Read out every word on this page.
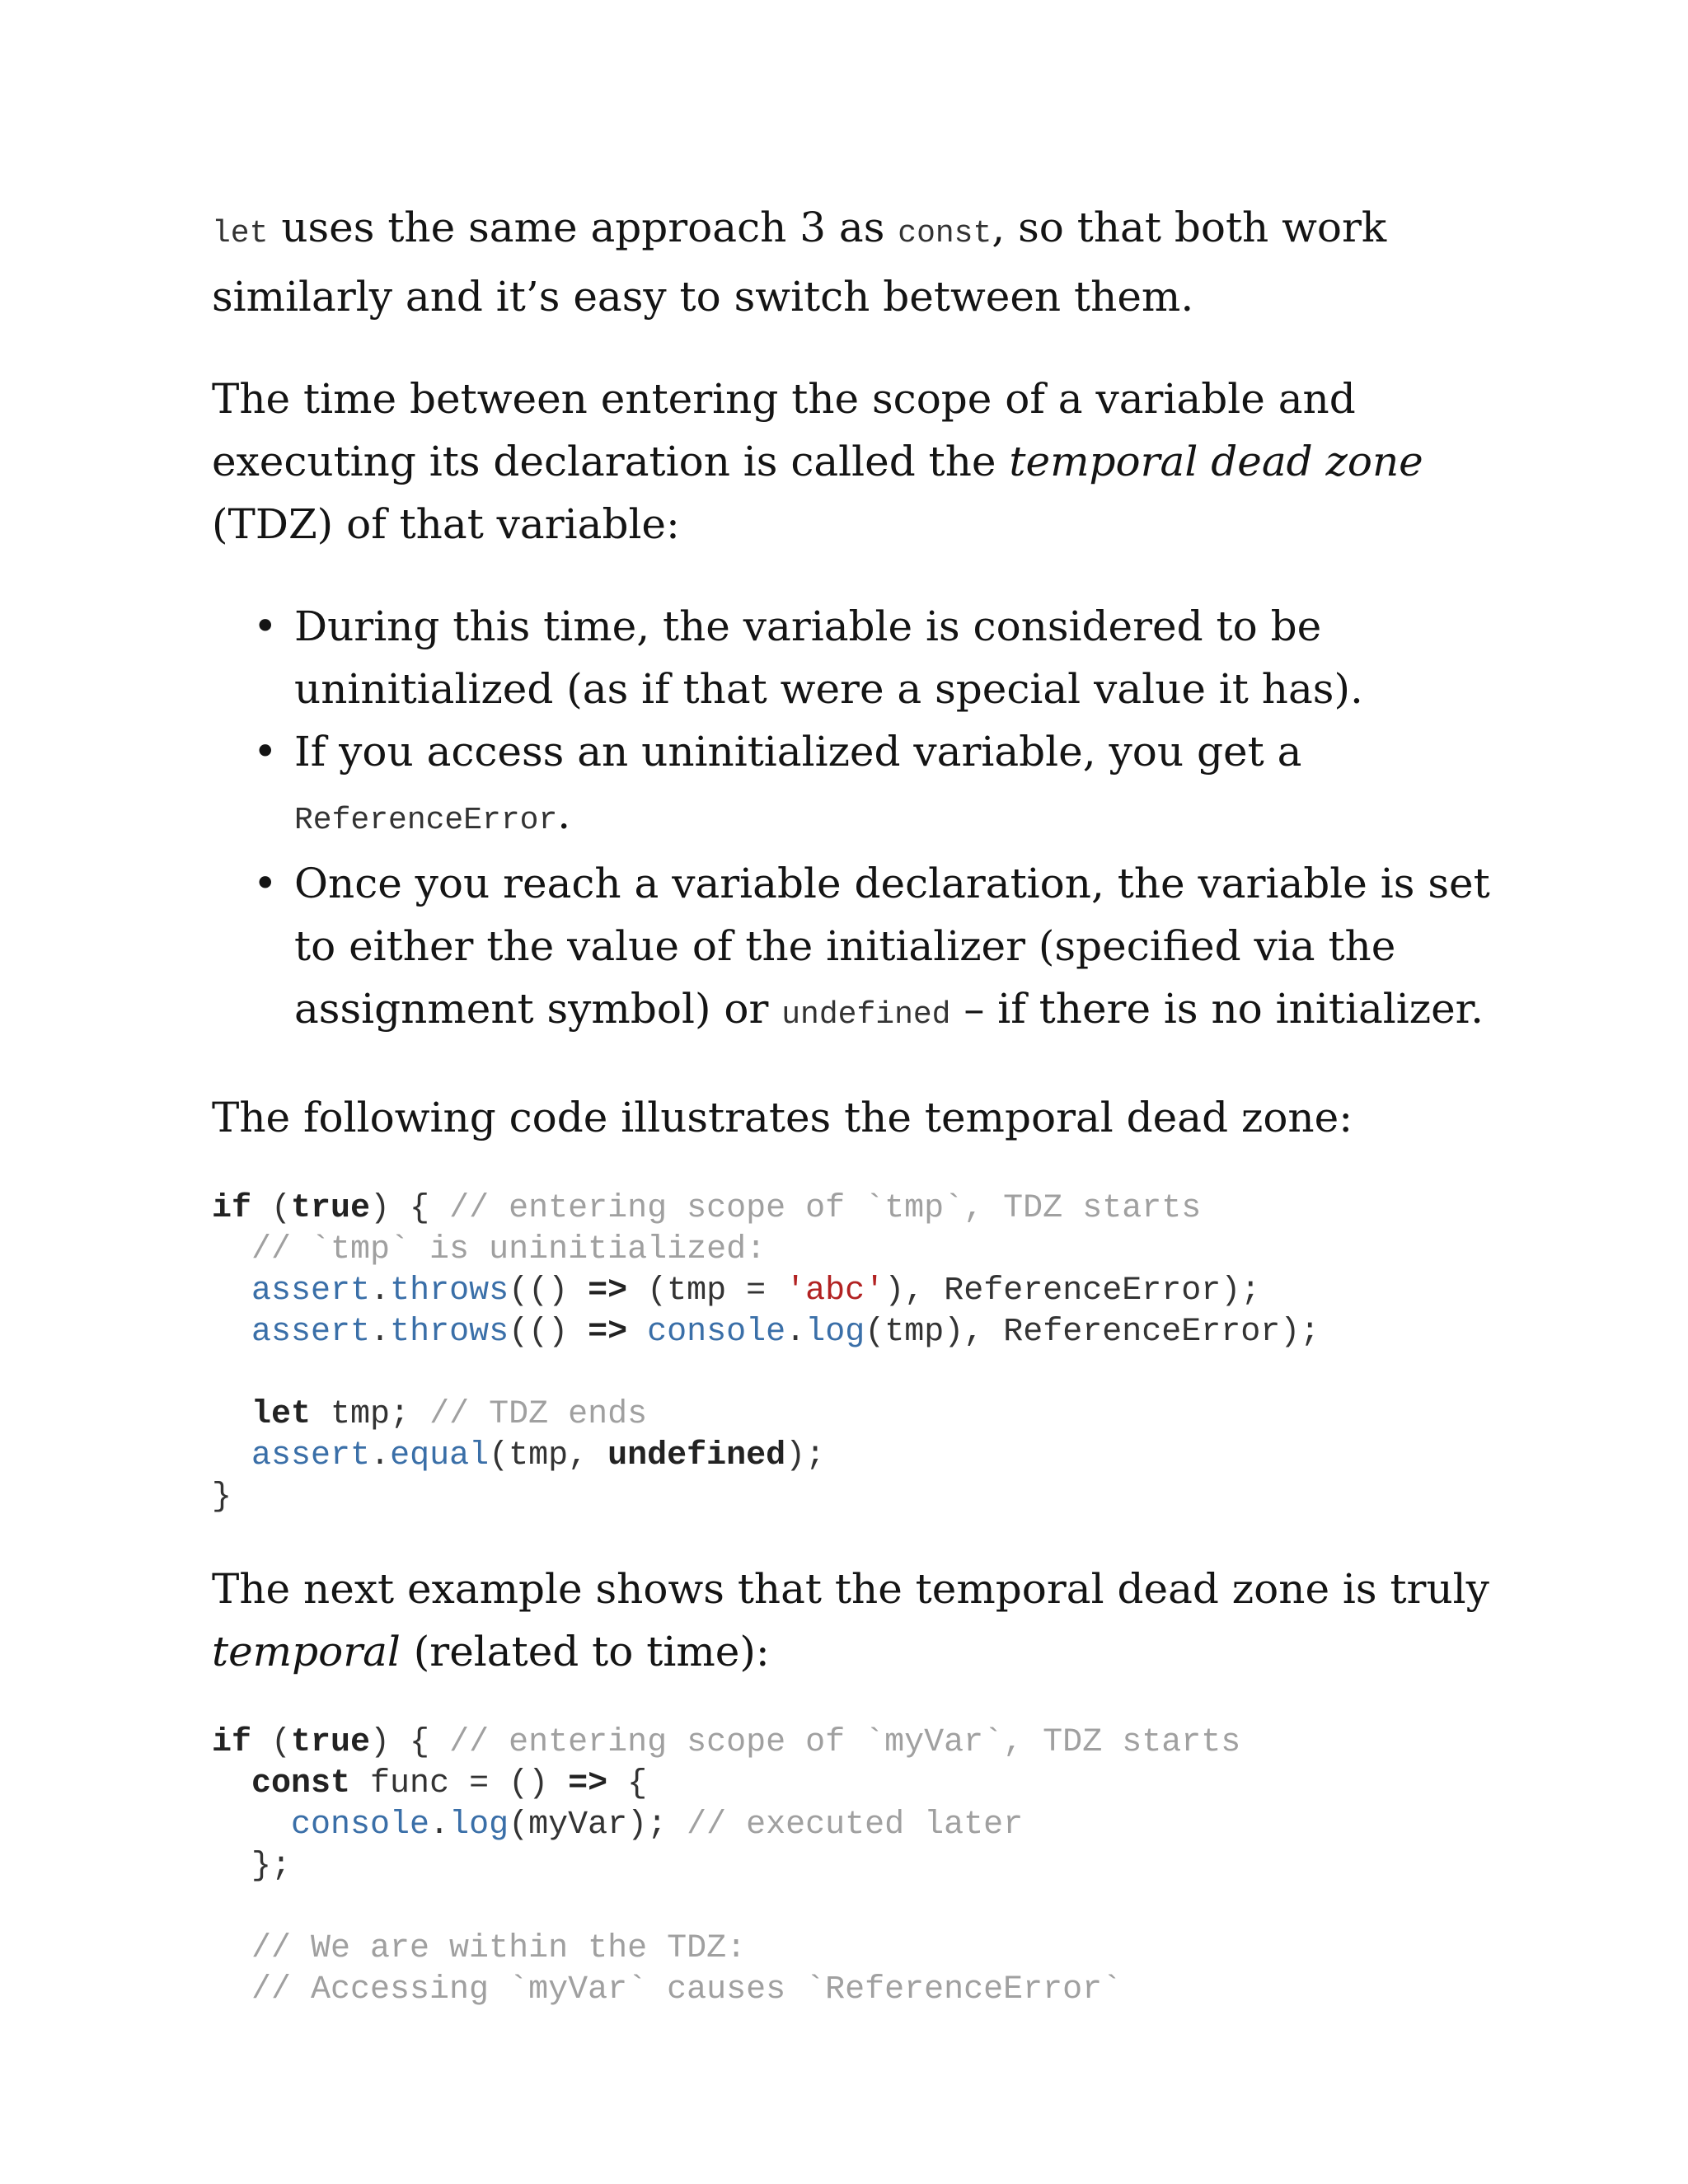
let uses the same approach 3 as const, so that both work similarly and it’s easy to switch between them.

The time between entering the scope of a variable and executing its declaration is called the temporal dead zone (TDZ) of that variable:

• During this time, the variable is considered to be uninitialized (as if that were a special value it has).
• If you access an uninitialized variable, you get a ReferenceError.
• Once you reach a variable declaration, the variable is set to either the value of the initializer (specified via the assignment symbol) or undefined – if there is no initializer.

The following code illustrates the temporal dead zone:

if (true) { // entering scope of `tmp`, TDZ starts
// `tmp` is uninitialized:
assert.throws(() => (tmp = 'abc'), ReferenceError);
assert.throws(() => console.log(tmp), ReferenceError);

let tmp; // TDZ ends
assert.equal(tmp, undefined);
}

The next example shows that the temporal dead zone is truly temporal (related to time):

if (true) { // entering scope of `myVar`, TDZ starts
const func = () => {
console.log(myVar); // executed later
};

// We are within the TDZ:
// Accessing `myVar` causes `ReferenceError`
